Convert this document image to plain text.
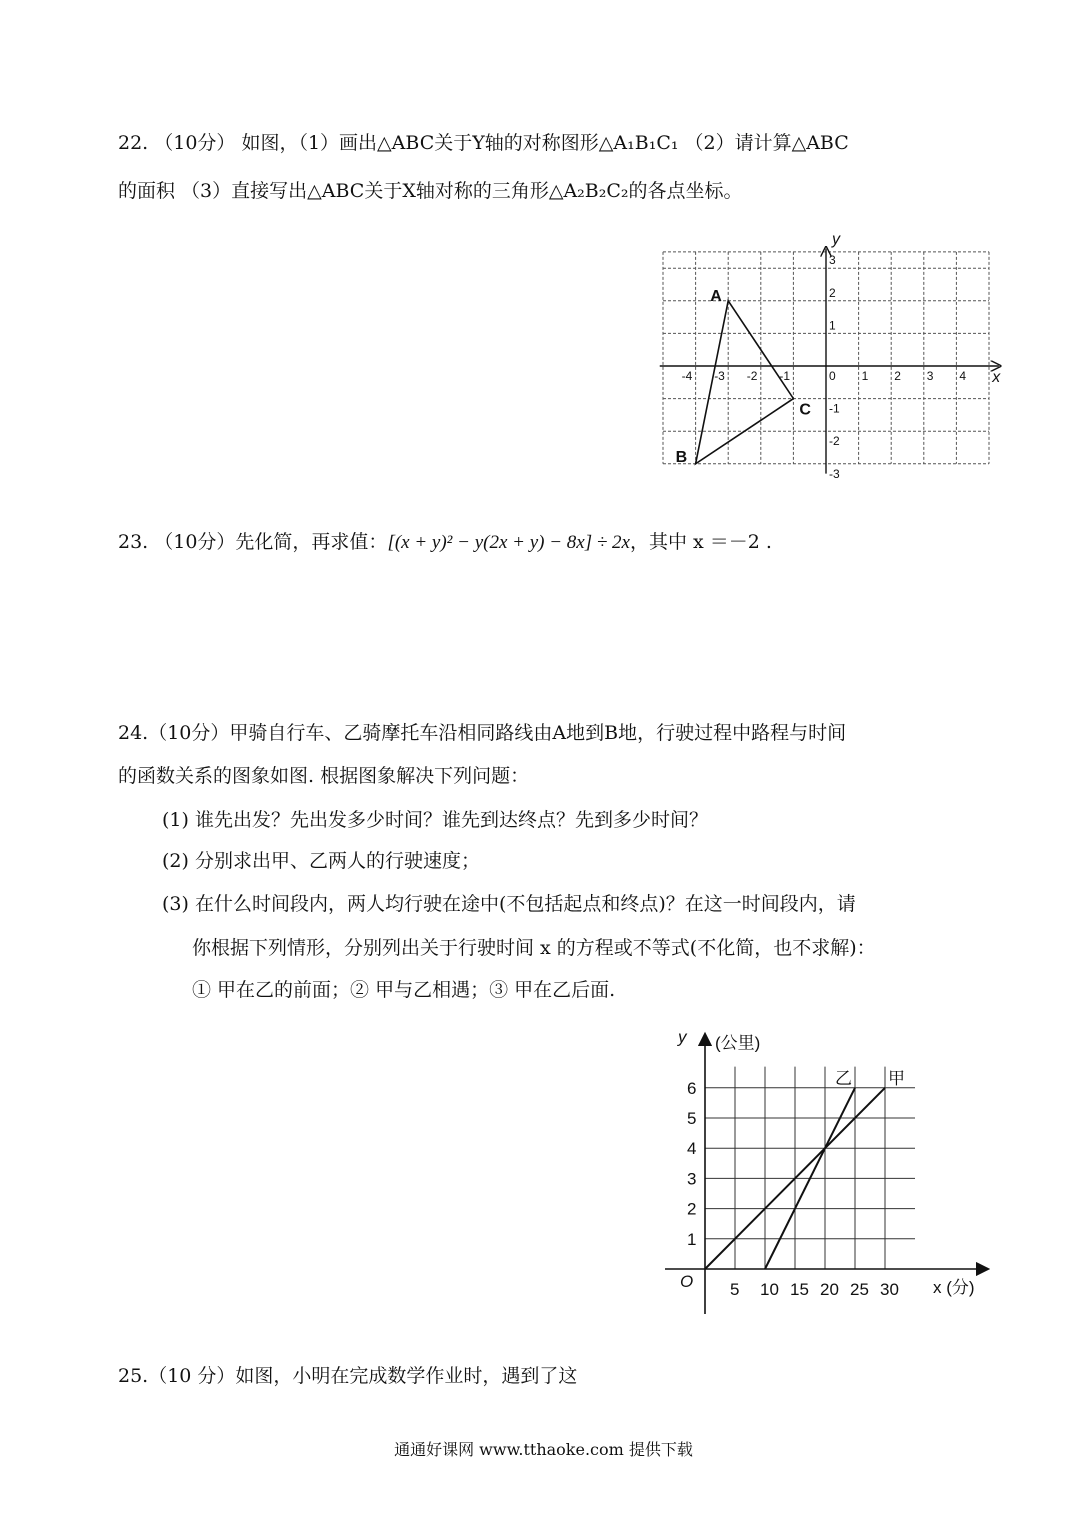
22. （10分） 如图，（1）画出△ABC关于Y轴的对称图形△A₁B₁C₁ （2）请计算△ABC
的面积 （3）直接写出△ABC关于X轴对称的三角形△A₂B₂C₂的各点坐标。
-4 -3 -2 -1	0 1 2 3 4
3
2
1
-1
-2
-3
x
y
A
B
C
23. （10分）先化简，再求值：[(x + y)² − y(2x + y) − 8x] ÷ 2x，其中 x ＝－2 .
24.（10分）甲骑自行车、乙骑摩托车沿相同路线由A地到B地，行驶过程中路程与时间
的函数关系的图象如图. 根据图象解决下列问题：
(1) 谁先出发？先出发多少时间？谁先到达终点？先到多少时间？
(2) 分别求出甲、乙两人的行驶速度；
(3) 在什么时间段内，两人均行驶在途中(不包括起点和终点)？在这一时间段内，请
你根据下列情形，分别列出关于行驶时间 x 的方程或不等式(不化简，也不求解)：
① 甲在乙的前面；② 甲与乙相遇；③ 甲在乙后面.
5 10 15 20 25 30
1
2
3
4
5
6
O	x (分)
y (公里)
甲
乙
25.（10 分）如图，小明在完成数学作业时，遇到了这
通通好课网 www.tthaoke.com 提供下载
